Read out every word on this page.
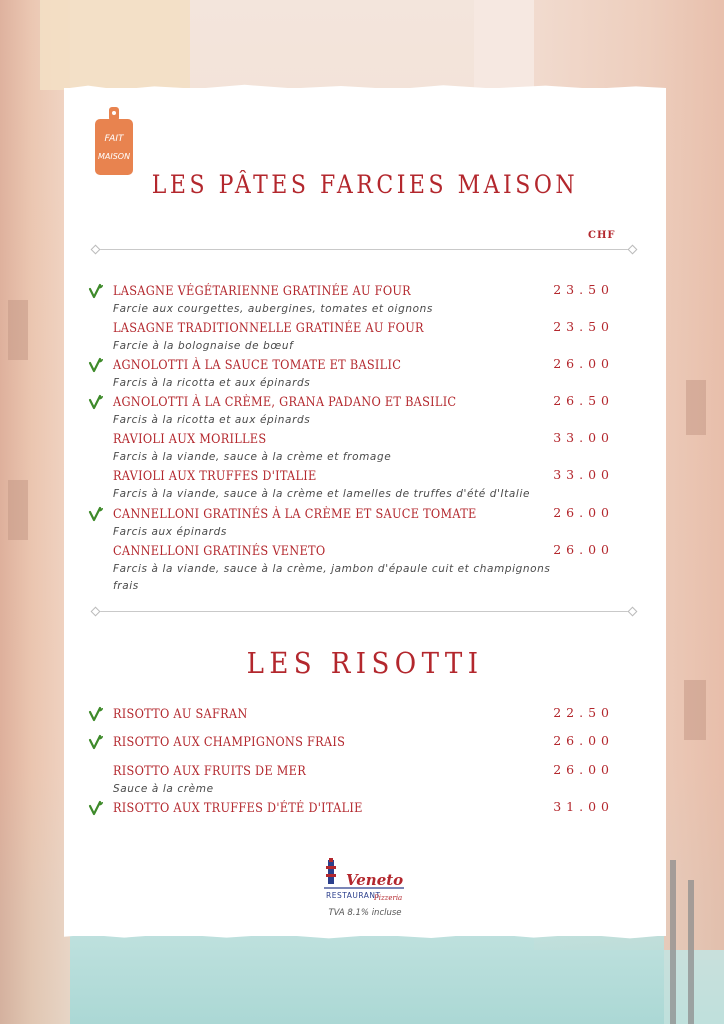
FAIT
MAISON
LES PÂTES FARCIES MAISON
CHF
LASAGNE VÉGÉTARIENNE GRATINÉE AU FOUR	23.50
Farcie aux courgettes, aubergines, tomates et oignons
LASAGNE TRADITIONNELLE GRATINÉE AU FOUR	23.50
Farcie à la bolognaise de bœuf
AGNOLOTTI À LA SAUCE TOMATE ET BASILIC	26.00
Farcis à la ricotta et aux épinards
AGNOLOTTI À LA CRÈME, GRANA PADANO ET BASILIC	26.50
Farcis à la ricotta et aux épinards
RAVIOLI AUX MORILLES	33.00
Farcis à la viande, sauce à la crème et fromage
RAVIOLI AUX TRUFFES D'ITALIE	33.00
Farcis à la viande, sauce à la crème et lamelles de truffes d'été d'Italie
CANNELLONI GRATINÉS À LA CRÈME ET SAUCE TOMATE	26.00
Farcis aux épinards
CANNELLONI GRATINÉS VENETO	26.00
Farcis à la viande, sauce à la crème, jambon d'épaule cuit et champignons frais
LES RISOTTI
RISOTTO AU SAFRAN	22.50
RISOTTO AUX CHAMPIGNONS FRAIS	26.00
RISOTTO AUX FRUITS DE MER	26.00
Sauce à la crème
RISOTTO AUX TRUFFES D'ÉTÉ D'ITALIE	31.00
Veneto
RESTAURANT
Pizzeria
TVA 8.1% incluse
